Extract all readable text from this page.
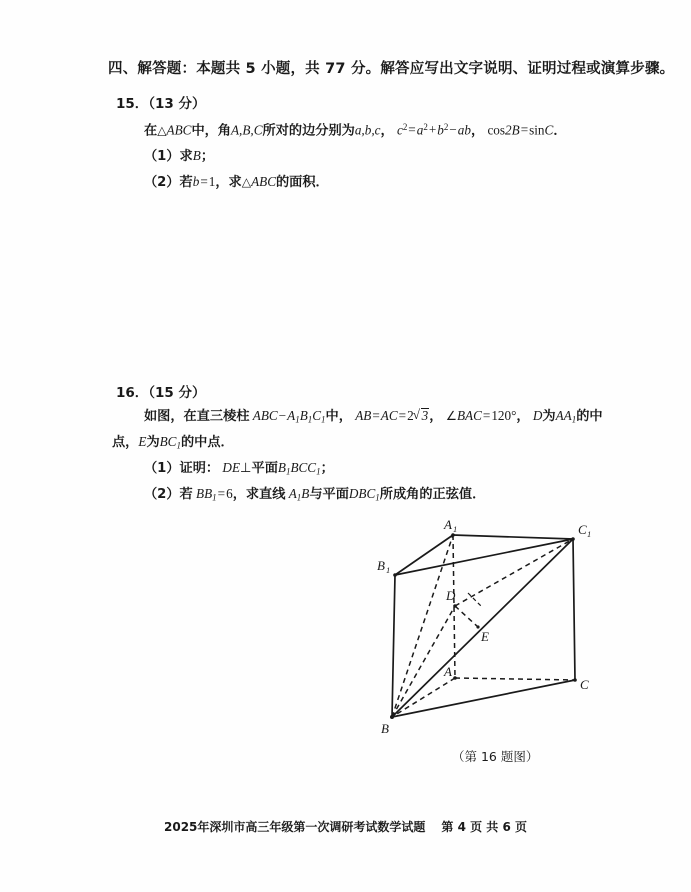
四、解答题：本题共 5 小题，共 77 分。解答应写出文字说明、证明过程或演算步骤。
15．（13 分）
在△ABC中，角A,B,C所对的边分别为a,b,c， $c^2=a^2+b^2-ab$， cos2B=sinC．
（1）求B；
（2）若b=1，求△ABC的面积．
16．（15 分）
如图，在直三棱柱 $ABC-A_1B_1C_1$中， AB=AC=2 √ 3， ∠BAC=120°， D为$AA_1$的中
点，E为$BC_1$的中点．
（1）证明： DE⊥平面$B_1BCC_1$；
（2）若 $BB_1=6$，求直线 $A_1B$与平面$DBC_1$所成角的正弦值．
A 1
B 1
C 1
A
B
C
D
E
（第 16 题图）
2025年深圳市高三年级第一次调研考试数学试题 第 4 页 共 6 页
